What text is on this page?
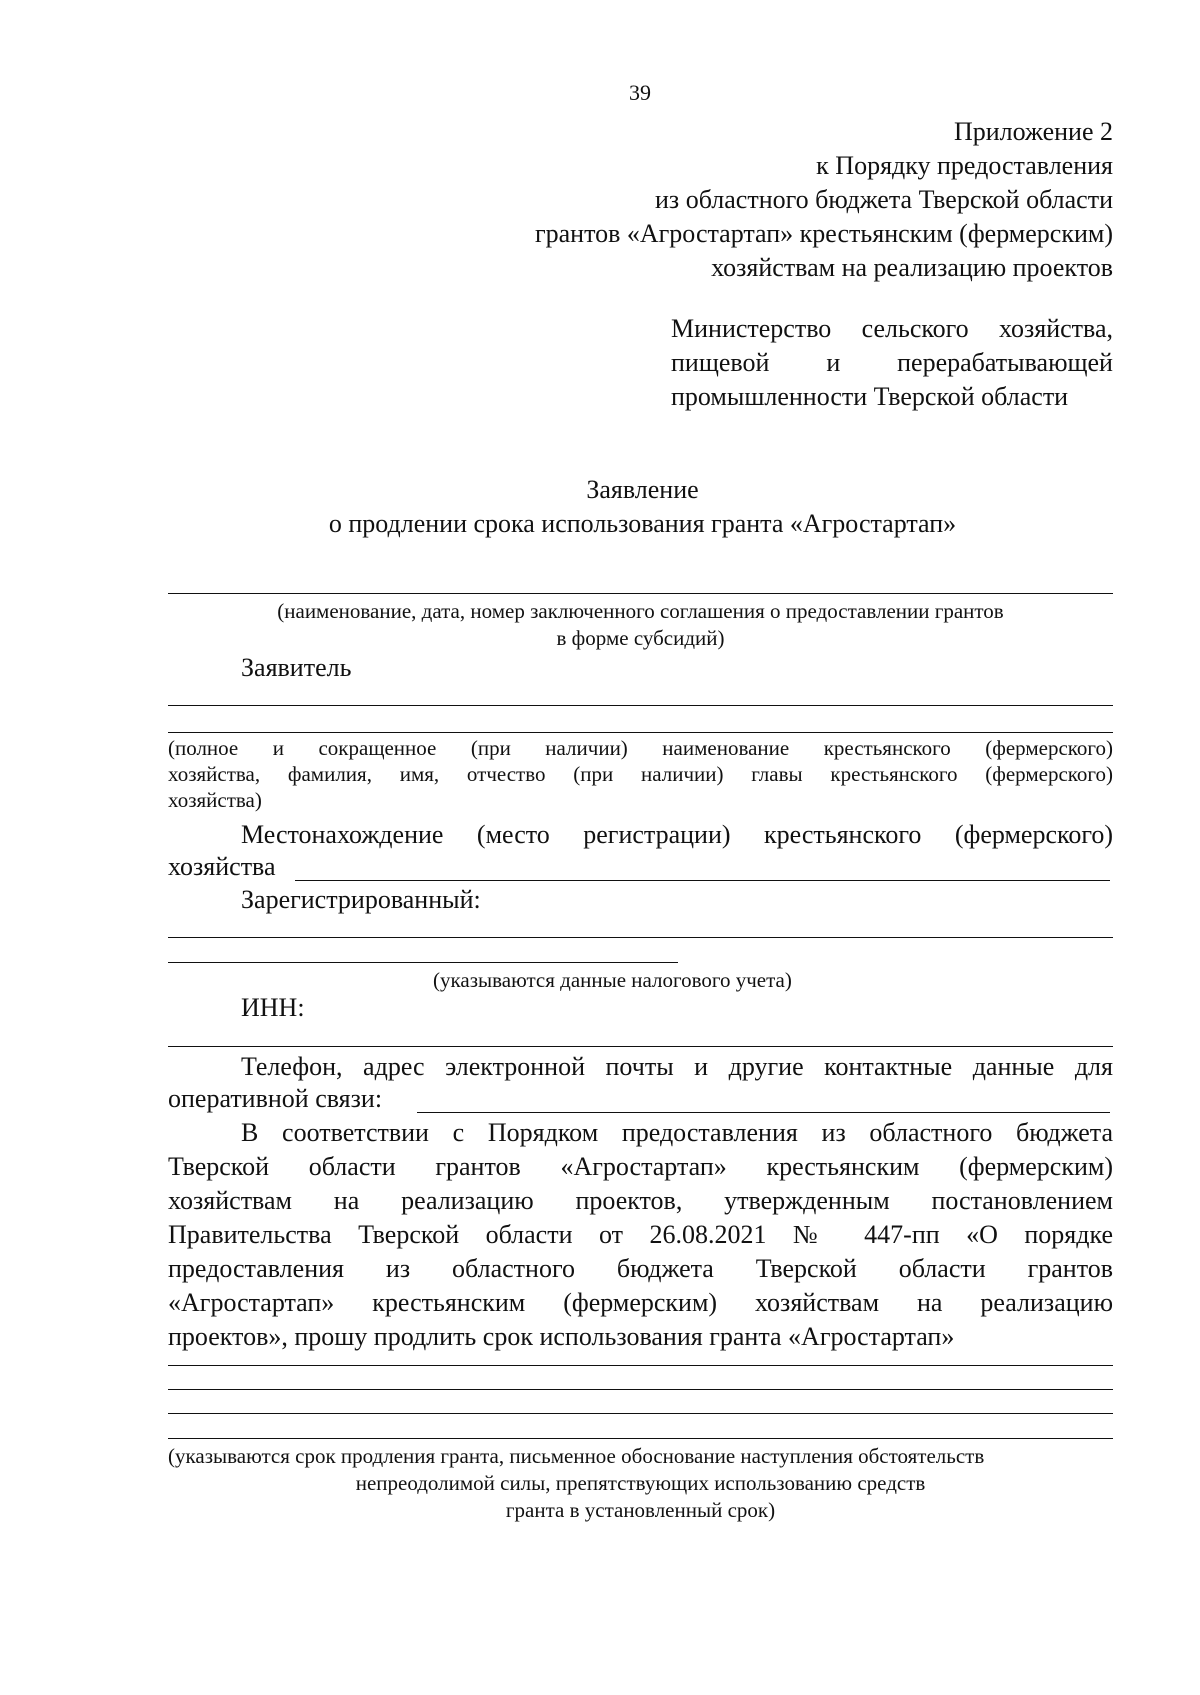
39
Приложение 2
к Порядку предоставления
из областного бюджета Тверской области
грантов «Агростартап» крестьянским (фермерским)
хозяйствам на реализацию проектов
Министерство сельского хозяйства,
пищевой и перерабатывающей
промышленности Тверской области
Заявление
о продлении срока использования гранта «Агростартап»
(наименование, дата, номер заключенного соглашения о предоставлении грантов
в форме субсидий)
Заявитель
(полное и сокращенное (при наличии) наименование крестьянского (фермерского)
хозяйства, фамилия, имя, отчество (при наличии) главы крестьянского (фермерского)
хозяйства)
Местонахождение (место регистрации) крестьянского (фермерского)
хозяйства
Зарегистрированный:
(указываются данные налогового учета)
ИНН:
Телефон, адрес электронной почты и другие контактные данные для
оперативной связи:
В соответствии с Порядком предоставления из областного бюджета
Тверской области грантов «Агростартап» крестьянским (фермерским)
хозяйствам на реализацию проектов, утвержденным постановлением
Правительства Тверской области от 26.08.2021 № 447-пп «О порядке
предоставления из областного бюджета Тверской области грантов
«Агростартап» крестьянским (фермерским) хозяйствам на реализацию
проектов», прошу продлить срок использования гранта «Агростартап»
(указываются срок продления гранта, письменное обоснование наступления обстоятельств
непреодолимой силы, препятствующих использованию средств
гранта в установленный срок)
